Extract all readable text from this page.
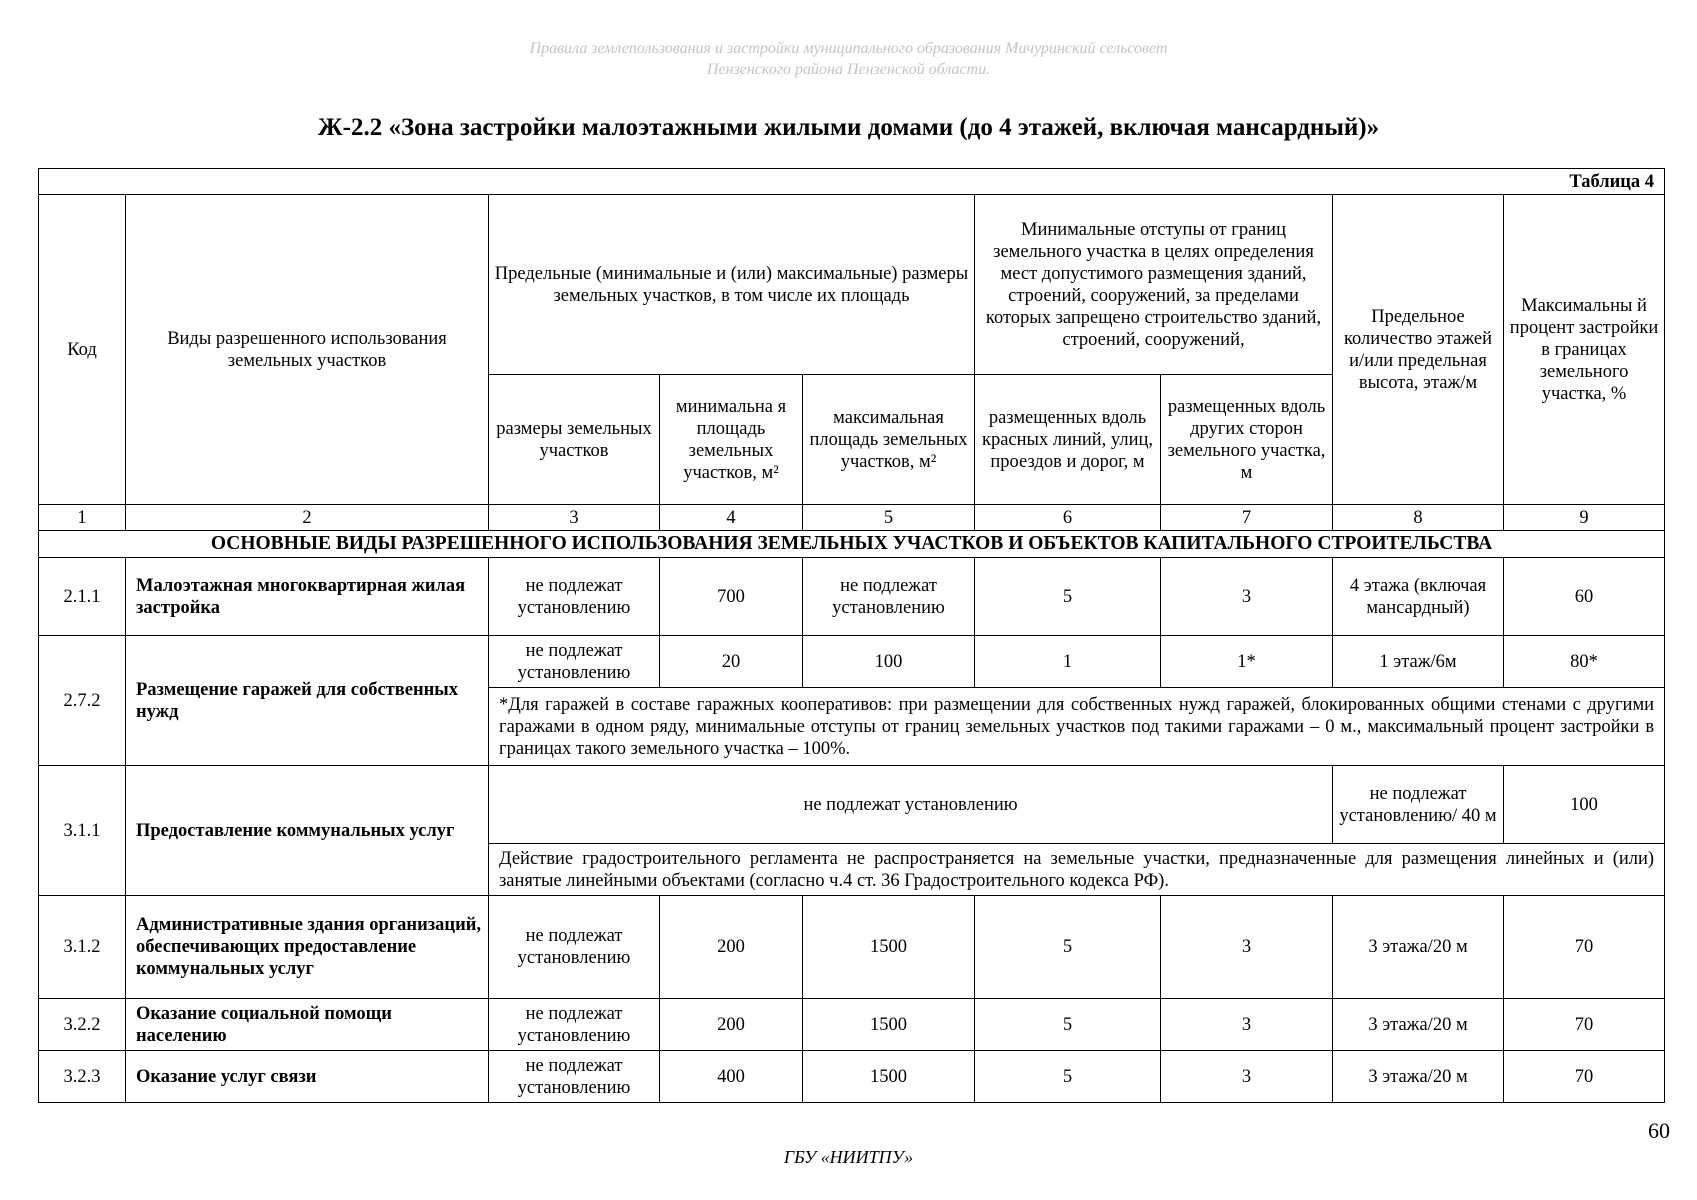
Правила землепользования и застройки муниципального образования Мичуринский сельсовет
Пензенского района Пензенской области.
Ж-2.2 «Зона застройки малоэтажными жилыми домами (до 4 этажей, включая мансардный)»
Таблица 4								
Код	Виды разрешенного использования земельных участков	Предельные (минимальные и (или) максимальные) размеры земельных участков, в том числе их площадь			Минимальные отступы от границ земельного участка в целях определения мест допустимого размещения зданий, строений, сооружений, за пределами которых запрещено строительство зданий, строений, сооружений,		Предельное количество этажей и/или предельная высота, этаж/м	Максимальны й процент застройки в границах земельного участка, %
		размеры земельных участков	минимальна я площадь земельных участков, м²	максимальная площадь земельных участков, м²	размещенных вдоль красных линий, улиц, проездов и дорог, м	размещенных вдоль других сторон земельного участка, м		
1	2	3	4	5	6	7	8	9
ОСНОВНЫЕ ВИДЫ РАЗРЕШЕННОГО ИСПОЛЬЗОВАНИЯ ЗЕМЕЛЬНЫХ УЧАСТКОВ И ОБЪЕКТОВ КАПИТАЛЬНОГО СТРОИТЕЛЬСТВА								
2.1.1	Малоэтажная многоквартирная жилая застройка	не подлежат установлению	700	не подлежат установлению	5	3	4 этажа (включая мансардный)	60
2.7.2	Размещение гаражей для собственных нужд	не подлежат установлению	20	100	1	1*	1 этаж/6м	80*
		*Для гаражей в составе гаражных кооперативов: при размещении для собственных нужд гаражей, блокированных общими стенами с другими гаражами в одном ряду, минимальные отступы от границ земельных участков под такими гаражами – 0 м., максимальный процент застройки в границах такого земельного участка – 100%.						
3.1.1	Предоставление коммунальных услуг	не подлежат установлению					не подлежат установлению/ 40 м	100
		Действие градостроительного регламента не распространяется на земельные участки, предназначенные для размещения линейных и (или) занятые линейными объектами (согласно ч.4 ст. 36 Градостроительного кодекса РФ).						
3.1.2	Административные здания организаций, обеспечивающих предоставление коммунальных услуг	не подлежат установлению	200	1500	5	3	3 этажа/20 м	70
3.2.2	Оказание социальной помощи населению	не подлежат установлению	200	1500	5	3	3 этажа/20 м	70
3.2.3	Оказание услуг связи	не подлежат установлению	400	1500	5	3	3 этажа/20 м	70
60
ГБУ «НИИТПУ»
